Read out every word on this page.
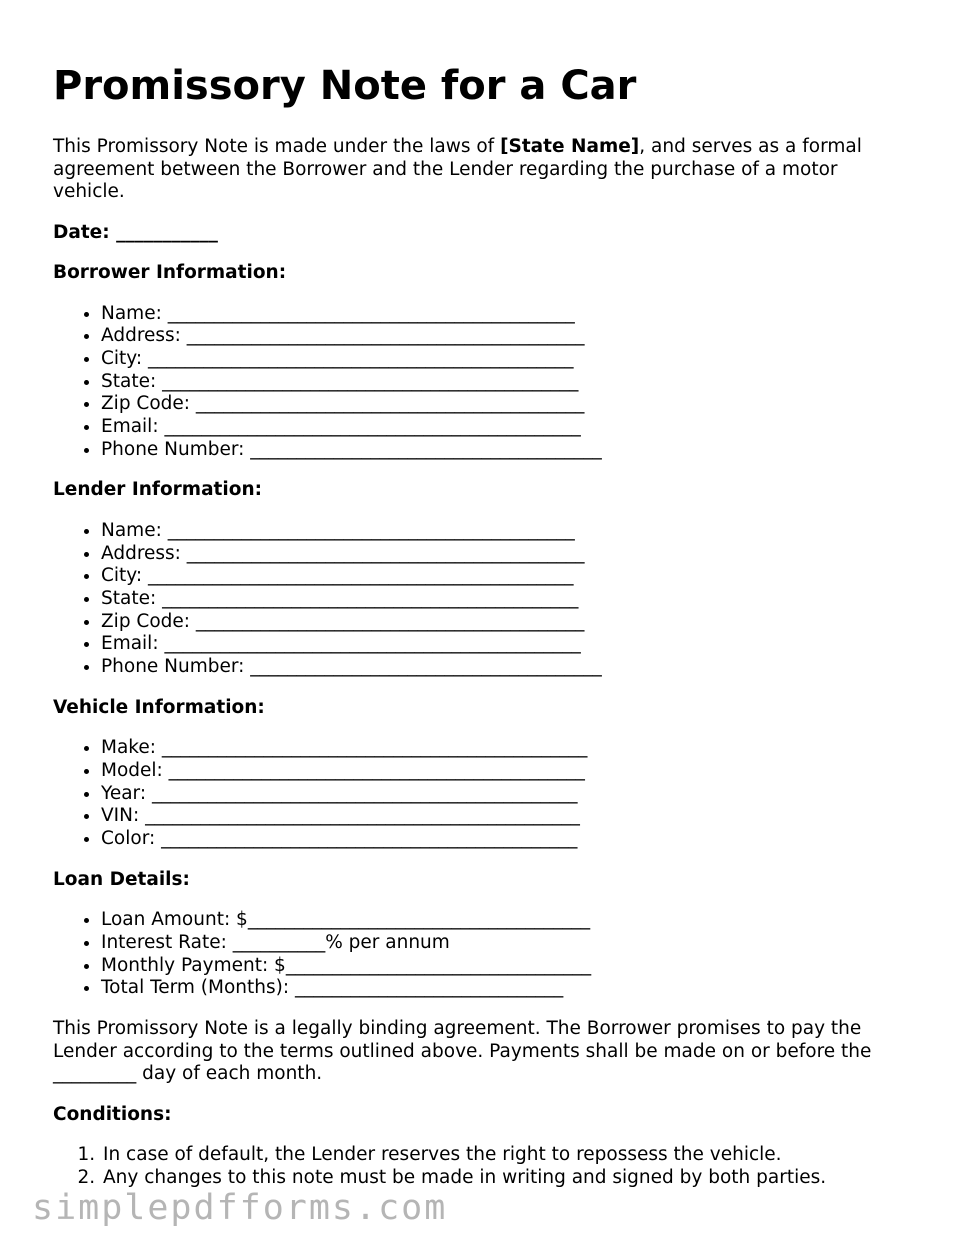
Promissory Note for a Car

This Promissory Note is made under the laws of [State Name], and serves as a formal agreement between the Borrower and the Lender regarding the purchase of a motor vehicle.

Date: ___________
Borrower Information:
• Name: ____________________________________________
• Address: ___________________________________________
• City: ______________________________________________
• State: _____________________________________________
• Zip Code: __________________________________________
• Email: _____________________________________________
• Phone Number: ______________________________________
Lender Information:
• Name: ____________________________________________
• Address: ___________________________________________
• City: ______________________________________________
• State: _____________________________________________
• Zip Code: __________________________________________
• Email: _____________________________________________
• Phone Number: ______________________________________
Vehicle Information:
• Make: ______________________________________________
• Model: _____________________________________________
• Year: ______________________________________________
• VIN: _______________________________________________
• Color: _____________________________________________
Loan Details:
• Loan Amount: $_____________________________________
• Interest Rate: __________% per annum
• Monthly Payment: $_________________________________
• Total Term (Months): _____________________________

This Promissory Note is a legally binding agreement. The Borrower promises to pay the Lender according to the terms outlined above. Payments shall be made on or before the _________ day of each month.

Conditions:
1. In case of default, the Lender reserves the right to repossess the vehicle.
2. Any changes to this note must be made in writing and signed by both parties.
simplepdfforms.com
